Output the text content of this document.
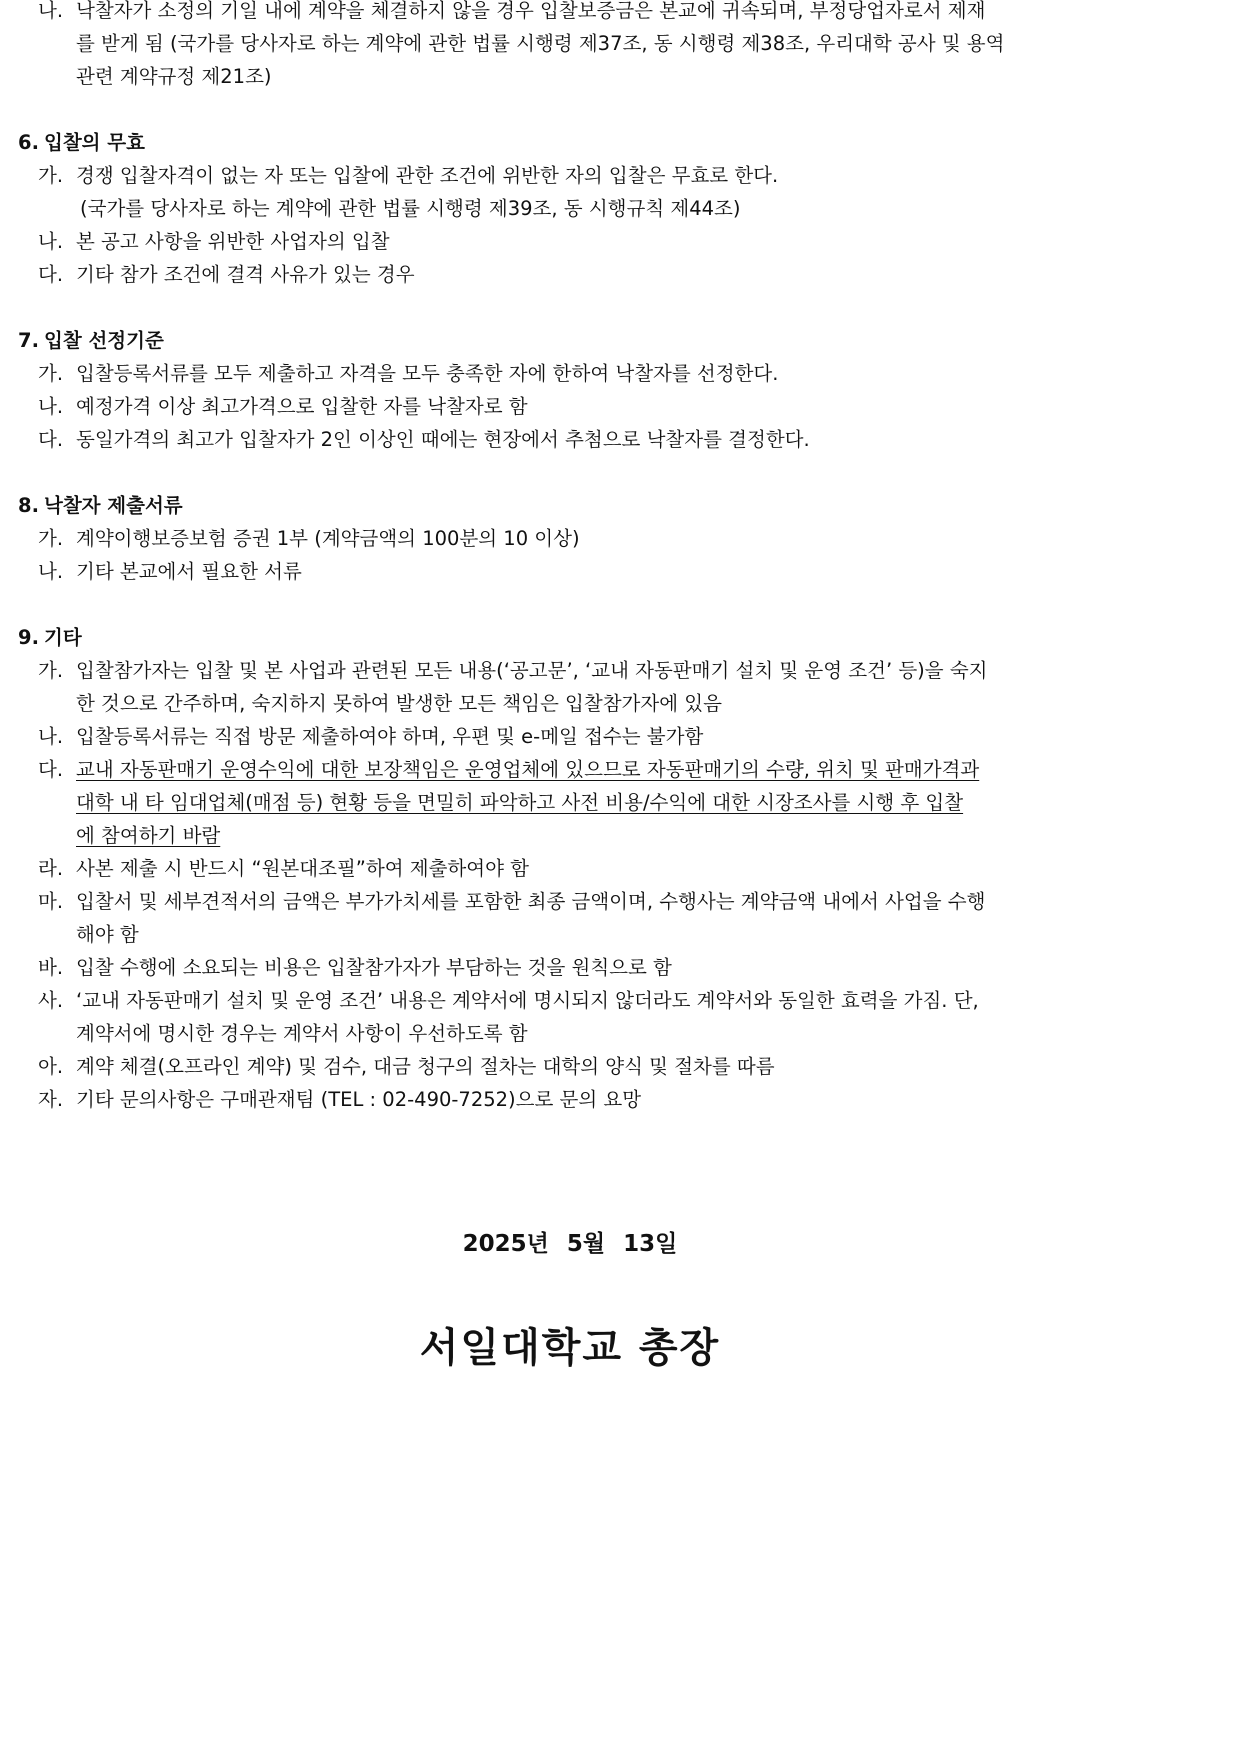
나. 낙찰자가 소정의 기일 내에 계약을 체결하지 않을 경우 입찰보증금은 본교에 귀속되며, 부정당업자로서 제재
를 받게 됨 (국가를 당사자로 하는 계약에 관한 법률 시행령 제37조, 동 시행령 제38조, 우리대학 공사 및 용역
관련 계약규정 제21조)
6. 입찰의 무효
가. 경쟁 입찰자격이 없는 자 또는 입찰에 관한 조건에 위반한 자의 입찰은 무효로 한다.
(국가를 당사자로 하는 계약에 관한 법률 시행령 제39조, 동 시행규칙 제44조)
나. 본 공고 사항을 위반한 사업자의 입찰
다. 기타 참가 조건에 결격 사유가 있는 경우
7. 입찰 선정기준
가. 입찰등록서류를 모두 제출하고 자격을 모두 충족한 자에 한하여 낙찰자를 선정한다.
나. 예정가격 이상 최고가격으로 입찰한 자를 낙찰자로 함
다. 동일가격의 최고가 입찰자가 2인 이상인 때에는 현장에서 추첨으로 낙찰자를 결정한다.
8. 낙찰자 제출서류
가. 계약이행보증보험 증권 1부 (계약금액의 100분의 10 이상)
나. 기타 본교에서 필요한 서류
9. 기타
가. 입찰참가자는 입찰 및 본 사업과 관련된 모든 내용(‘공고문’, ‘교내 자동판매기 설치 및 운영 조건’ 등)을 숙지
한 것으로 간주하며, 숙지하지 못하여 발생한 모든 책임은 입찰참가자에 있음
나. 입찰등록서류는 직접 방문 제출하여야 하며, 우편 및 e-메일 접수는 불가함
다. 교내 자동판매기 운영수익에 대한 보장책임은 운영업체에 있으므로 자동판매기의 수량, 위치 및 판매가격과
대학 내 타 임대업체(매점 등) 현황 등을 면밀히 파악하고 사전 비용/수익에 대한 시장조사를 시행 후 입찰
에 참여하기 바람
라. 사본 제출 시 반드시 “원본대조필”하여 제출하여야 함
마. 입찰서 및 세부견적서의 금액은 부가가치세를 포함한 최종 금액이며, 수행사는 계약금액 내에서 사업을 수행
해야 함
바. 입찰 수행에 소요되는 비용은 입찰참가자가 부담하는 것을 원칙으로 함
사. ‘교내 자동판매기 설치 및 운영 조건’ 내용은 계약서에 명시되지 않더라도 계약서와 동일한 효력을 가짐. 단,
계약서에 명시한 경우는 계약서 사항이 우선하도록 함
아. 계약 체결(오프라인 계약) 및 검수, 대금 청구의 절차는 대학의 양식 및 절차를 따름
자. 기타 문의사항은 구매관재팀 (TEL : 02-490-7252)으로 문의 요망
2025년 5월 13일
서일대학교 총장
